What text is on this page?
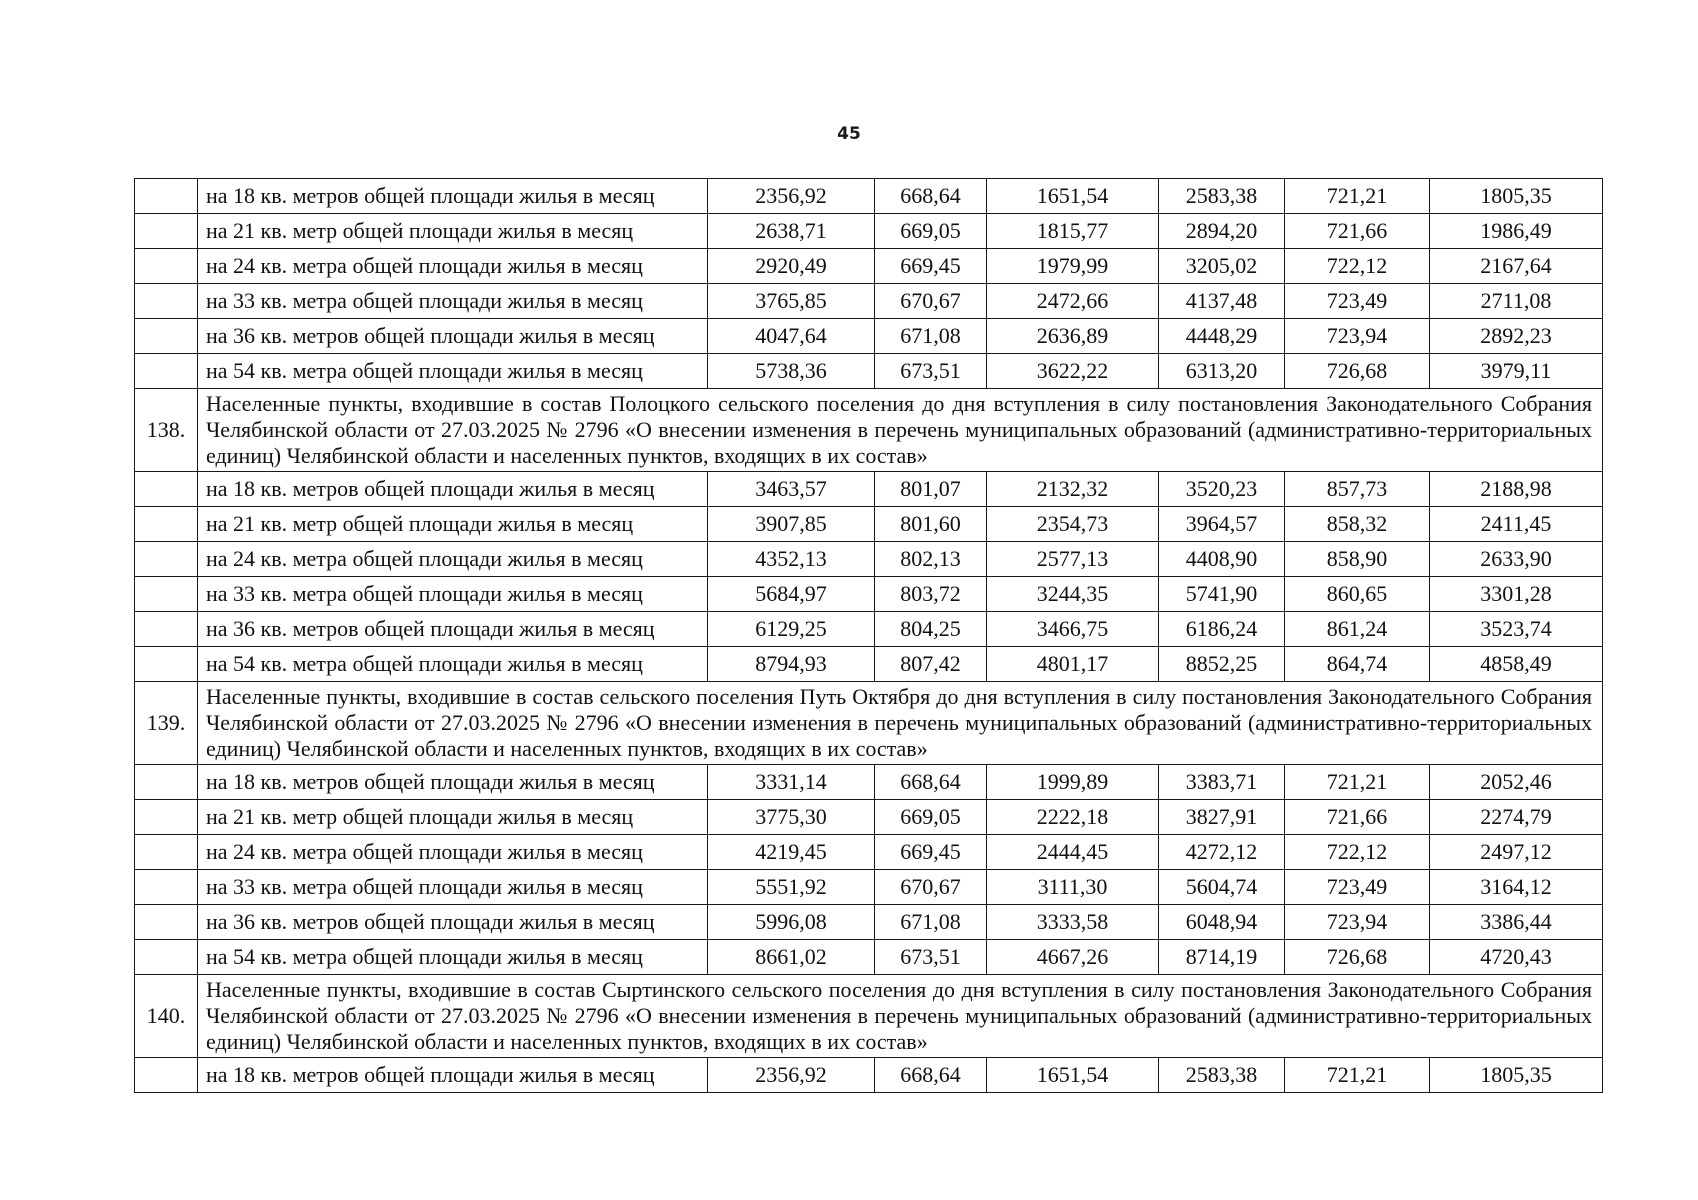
45
	на 18 кв. метров общей площади жилья в месяц	2356,92	668,64	1651,54	2583,38	721,21	1805,35
	на 21 кв. метр общей площади жилья в месяц	2638,71	669,05	1815,77	2894,20	721,66	1986,49
	на 24 кв. метра общей площади жилья в месяц	2920,49	669,45	1979,99	3205,02	722,12	2167,64
	на 33 кв. метра общей площади жилья в месяц	3765,85	670,67	2472,66	4137,48	723,49	2711,08
	на 36 кв. метров общей площади жилья в месяц	4047,64	671,08	2636,89	4448,29	723,94	2892,23
	на 54 кв. метра общей площади жилья в месяц	5738,36	673,51	3622,22	6313,20	726,68	3979,11
138.	Населенные пункты, входившие в состав Полоцкого сельского поселения до дня вступления в силу постановления Законодательного Собрания Челябинской области от 27.03.2025 № 2796 «О внесении изменения в перечень муниципальных образований (административно-территориальных единиц) Челябинской области и населенных пунктов, входящих в их состав»						
	на 18 кв. метров общей площади жилья в месяц	3463,57	801,07	2132,32	3520,23	857,73	2188,98
	на 21 кв. метр общей площади жилья в месяц	3907,85	801,60	2354,73	3964,57	858,32	2411,45
	на 24 кв. метра общей площади жилья в месяц	4352,13	802,13	2577,13	4408,90	858,90	2633,90
	на 33 кв. метра общей площади жилья в месяц	5684,97	803,72	3244,35	5741,90	860,65	3301,28
	на 36 кв. метров общей площади жилья в месяц	6129,25	804,25	3466,75	6186,24	861,24	3523,74
	на 54 кв. метра общей площади жилья в месяц	8794,93	807,42	4801,17	8852,25	864,74	4858,49
139.	Населенные пункты, входившие в состав сельского поселения Путь Октября до дня вступления в силу постановления Законодательного Собрания Челябинской области от 27.03.2025 № 2796 «О внесении изменения в перечень муниципальных образований (административно-территориальных единиц) Челябинской области и населенных пунктов, входящих в их состав»						
	на 18 кв. метров общей площади жилья в месяц	3331,14	668,64	1999,89	3383,71	721,21	2052,46
	на 21 кв. метр общей площади жилья в месяц	3775,30	669,05	2222,18	3827,91	721,66	2274,79
	на 24 кв. метра общей площади жилья в месяц	4219,45	669,45	2444,45	4272,12	722,12	2497,12
	на 33 кв. метра общей площади жилья в месяц	5551,92	670,67	3111,30	5604,74	723,49	3164,12
	на 36 кв. метров общей площади жилья в месяц	5996,08	671,08	3333,58	6048,94	723,94	3386,44
	на 54 кв. метра общей площади жилья в месяц	8661,02	673,51	4667,26	8714,19	726,68	4720,43
140.	Населенные пункты, входившие в состав Сыртинского сельского поселения до дня вступления в силу постановления Законодательного Собрания Челябинской области от 27.03.2025 № 2796 «О внесении изменения в перечень муниципальных образований (административно-территориальных единиц) Челябинской области и населенных пунктов, входящих в их состав»						
	на 18 кв. метров общей площади жилья в месяц	2356,92	668,64	1651,54	2583,38	721,21	1805,35
